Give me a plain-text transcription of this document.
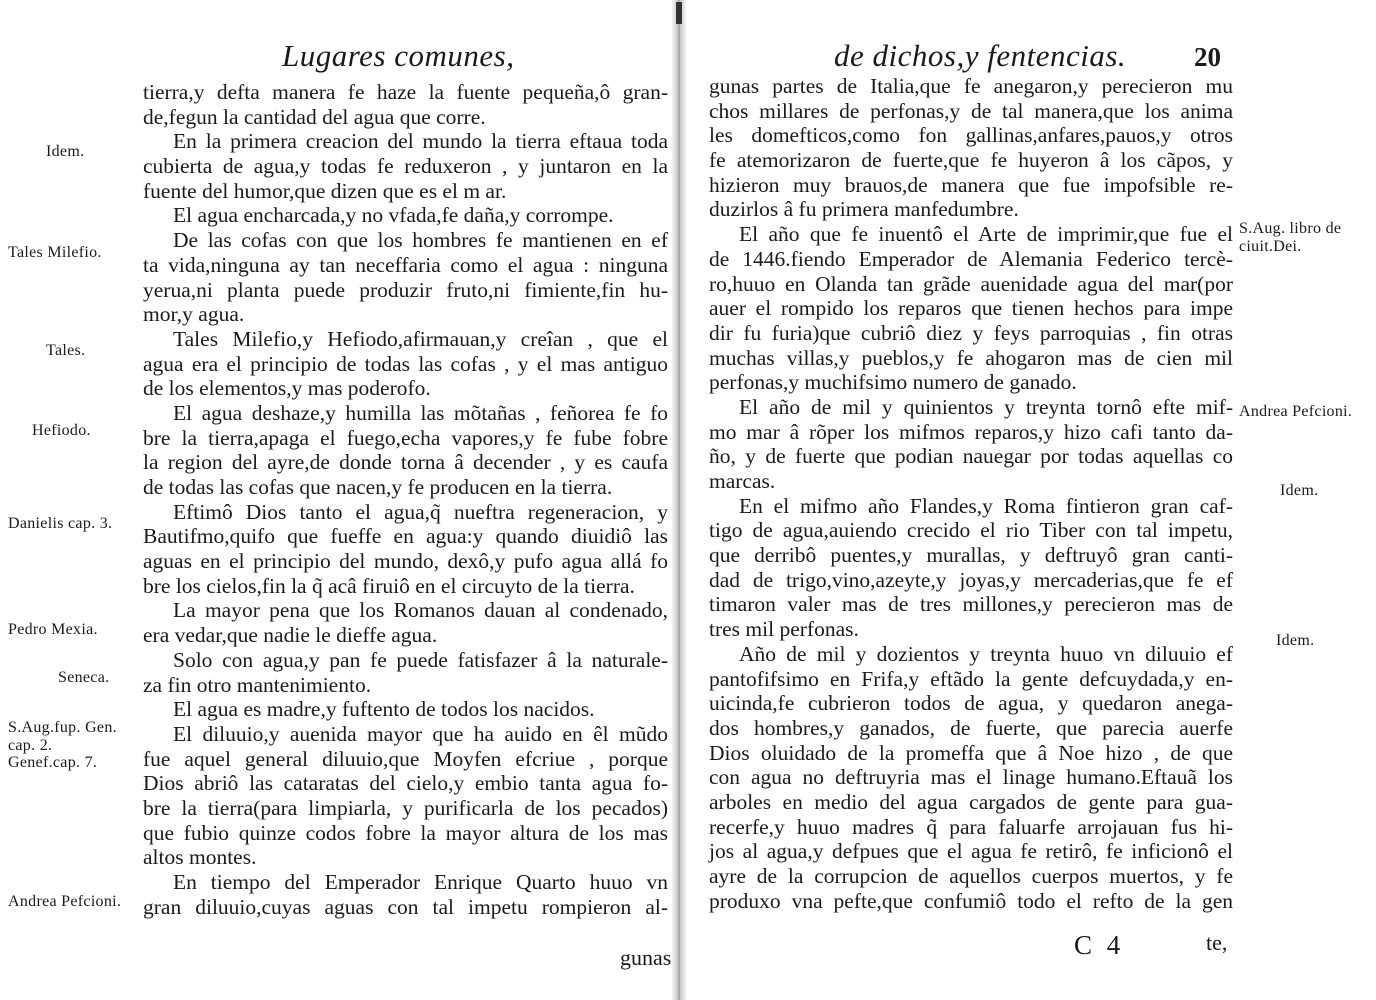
Lugares comunes,
tierra,y defta manera fe haze la fuente pequeña,ô gran-
de,fegun la cantidad del agua que corre.
En la primera creacion del mundo la tierra eftaua toda
cubierta de agua,y todas fe reduxeron , y juntaron en la
fuente del humor,que dizen que es el m ar.
El agua encharcada,y no vfada,fe daña,y corrompe.
De las cofas con que los hombres fe mantienen en ef
ta vida,ninguna ay tan neceffaria como el agua : ninguna
yerua,ni planta puede produzir fruto,ni fimiente,fin hu-
mor,y agua.
Tales Milefio,y Hefiodo,afirmauan,y creîan , que el
agua era el principio de todas las cofas , y el mas antiguo
de los elementos,y mas poderofo.
El agua deshaze,y humilla las mõtañas , feñorea fe fo
bre la tierra,apaga el fuego,echa vapores,y fe fube fobre
la region del ayre,de donde torna â decender , y es caufa
de todas las cofas que nacen,y fe producen en la tierra.
Eftimô Dios tanto el agua,q̃ nueftra regeneracion, y
Bautifmo,quifo que fueffe en agua:y quando diuidiô las
aguas en el principio del mundo, dexô,y pufo agua allá fo
bre los cielos,fin la q̃ acâ firuiô en el circuyto de la tierra.
La mayor pena que los Romanos dauan al condenado,
era vedar,que nadie le dieffe agua.
Solo con agua,y pan fe puede fatisfazer â la naturale-
za fin otro mantenimiento.
El agua es madre,y fuftento de todos los nacidos.
El diluuio,y auenida mayor que ha auido en êl mũdo
fue aquel general diluuio,que Moyfen efcriue , porque
Dios abriô las cataratas del cielo,y embio tanta agua fo-
bre la tierra(para limpiarla, y purificarla de los pecados)
que fubio quinze codos fobre la mayor altura de los mas
altos montes.
En tiempo del Emperador Enrique Quarto huuo vn
gran diluuio,cuyas aguas con tal impetu rompieron al-
gunas
Idem.
Tales Milefio.
Tales.
Hefiodo.
Danielis cap. 3.
Pedro Mexia.
Seneca.
S.Aug.fup. Gen.
cap. 2.
Genef.cap. 7.
Andrea Pefcioni.
de dichos,y fentencias.	20
gunas partes de Italia,que fe anegaron,y perecieron mu
chos millares de perfonas,y de tal manera,que los anima
les domefticos,como fon gallinas,anfares,pauos,y otros
fe atemorizaron de fuerte,que fe huyeron â los cãpos, y
hizieron muy brauos,de manera que fue impofsible re-
duzirlos â fu primera manfedumbre.
El año que fe inuentô el Arte de imprimir,que fue el
de 1446.fiendo Emperador de Alemania Federico tercè-
ro,huuo en Olanda tan grãde auenidade agua del mar(por
auer el rompido los reparos que tienen hechos para impe
dir fu furia)que cubriô diez y feys parroquias , fin otras
muchas villas,y pueblos,y fe ahogaron mas de cien mil
perfonas,y muchifsimo numero de ganado.
El año de mil y quinientos y treynta tornô efte mif-
mo mar â rõper los mifmos reparos,y hizo cafi tanto da-
ño, y de fuerte que podian nauegar por todas aquellas co
marcas.
En el mifmo año Flandes,y Roma fintieron gran caf-
tigo de agua,auiendo crecido el rio Tiber con tal impetu,
que derribô puentes,y murallas, y deftruyô gran canti-
dad de trigo,vino,azeyte,y joyas,y mercaderias,que fe ef
timaron valer mas de tres millones,y perecieron mas de
tres mil perfonas.
Año de mil y dozientos y treynta huuo vn diluuio ef
pantofifsimo en Frifa,y eftãdo la gente defcuydada,y en-
uicinda,fe cubrieron todos de agua, y quedaron anega-
dos hombres,y ganados, de fuerte, que parecia auerfe
Dios oluidado de la promeffa que â Noe hizo , de que
con agua no deftruyria mas el linage humano.Eftauã los
arboles en medio del agua cargados de gente para gua-
recerfe,y huuo madres q̃ para faluarfe arrojauan fus hi-
jos al agua,y defpues que el agua fe retirô, fe inficionô el
ayre de la corrupcion de aquellos cuerpos muertos, y fe
produxo vna pefte,que confumiô todo el refto de la gen
C 4	te,
S.Aug. libro de
ciuit.Dei.
Andrea Pefcioni.
Idem.
Idem.
